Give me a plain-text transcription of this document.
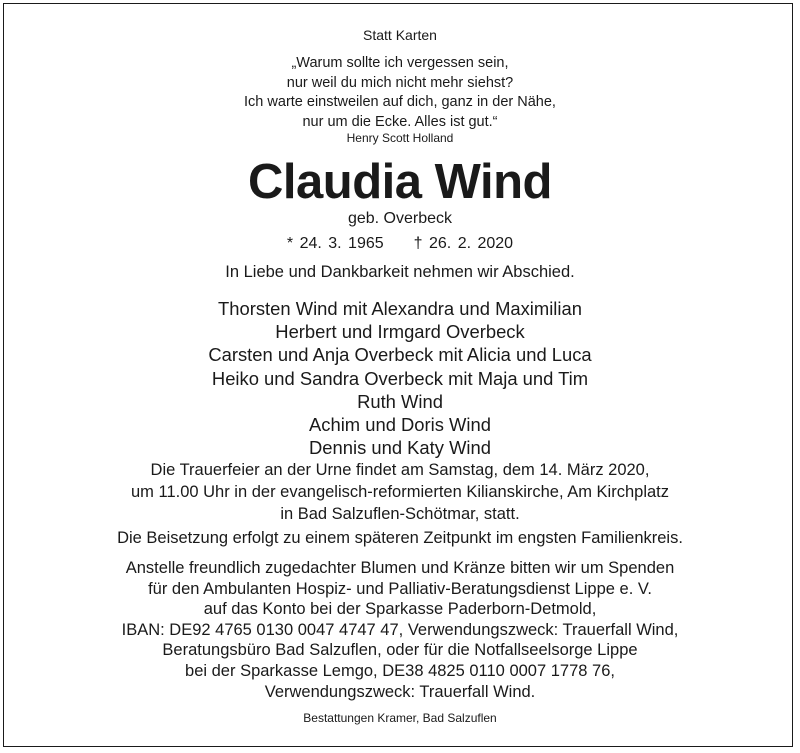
Statt Karten
„Warum sollte ich vergessen sein,
nur weil du mich nicht mehr siehst?
Ich warte einstweilen auf dich, ganz in der Nähe,
nur um die Ecke. Alles ist gut.“
Henry Scott Holland
Claudia Wind
geb. Overbeck
* 24. 3. 1965 † 26. 2. 2020
In Liebe und Dankbarkeit nehmen wir Abschied.
Thorsten Wind mit Alexandra und Maximilian
Herbert und Irmgard Overbeck
Carsten und Anja Overbeck mit Alicia und Luca
Heiko und Sandra Overbeck mit Maja und Tim
Ruth Wind
Achim und Doris Wind
Dennis und Katy Wind
Die Trauerfeier an der Urne findet am Samstag, dem 14. März 2020,
um 11.00 Uhr in der evangelisch-reformierten Kilianskirche, Am Kirchplatz
in Bad Salzuflen-Schötmar, statt.
Die Beisetzung erfolgt zu einem späteren Zeitpunkt im engsten Familienkreis.
Anstelle freundlich zugedachter Blumen und Kränze bitten wir um Spenden
für den Ambulanten Hospiz- und Palliativ-Beratungsdienst Lippe e. V.
auf das Konto bei der Sparkasse Paderborn-Detmold,
IBAN: DE92 4765 0130 0047 4747 47, Verwendungszweck: Trauerfall Wind,
Beratungsbüro Bad Salzuflen, oder für die Notfallseelsorge Lippe
bei der Sparkasse Lemgo, DE38 4825 0110 0007 1778 76,
Verwendungszweck: Trauerfall Wind.
Bestattungen Kramer, Bad Salzuflen
